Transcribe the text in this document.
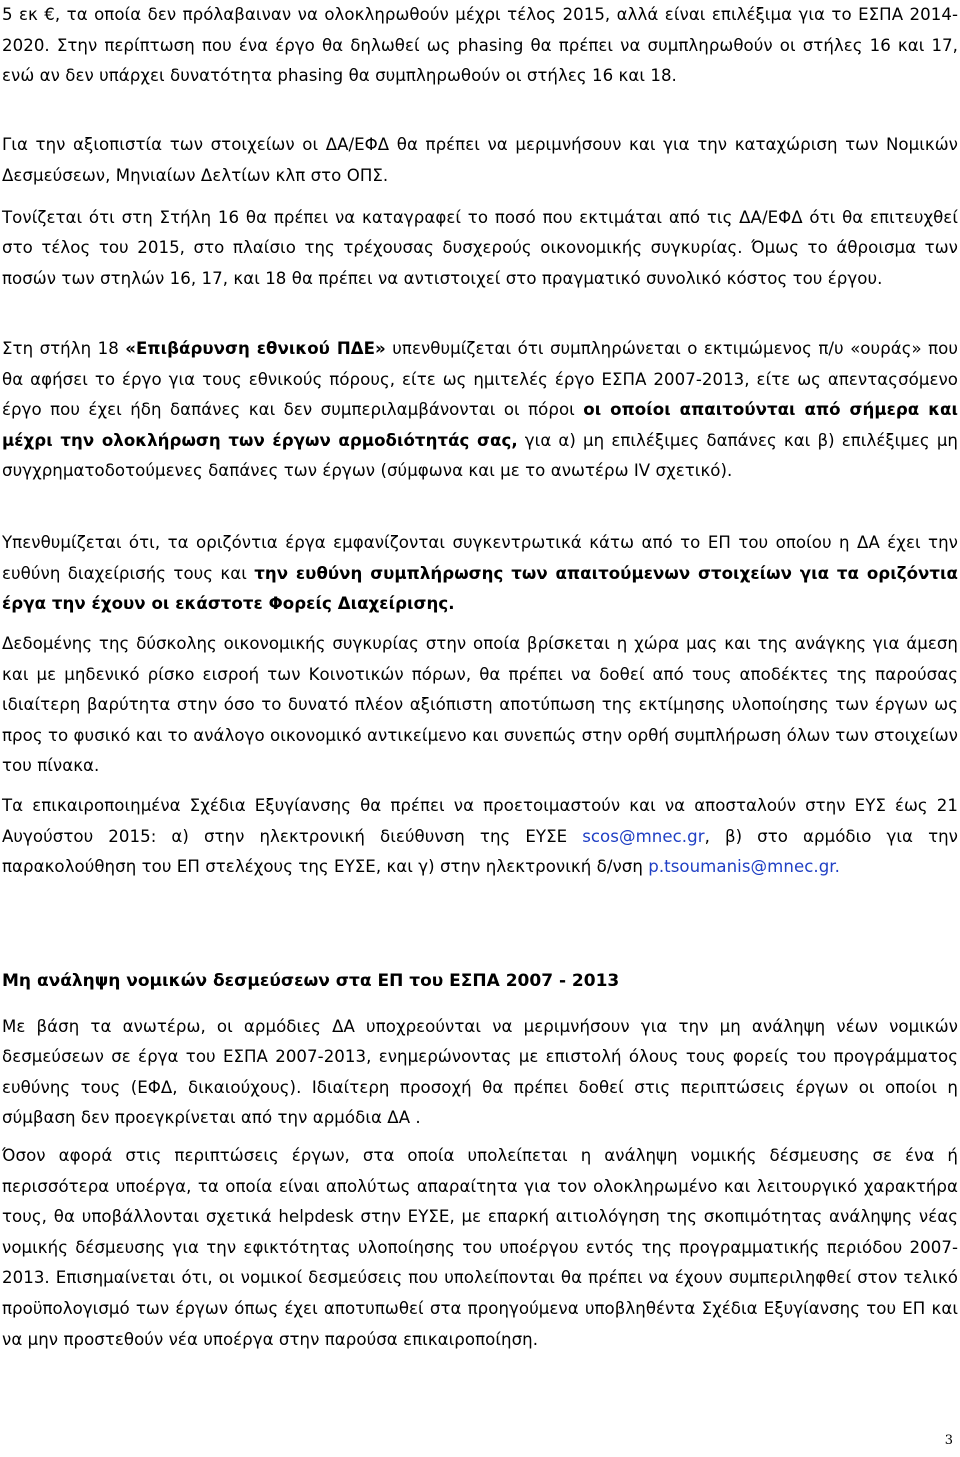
5 εκ €, τα οποία δεν πρόλαβαιναν να ολοκληρωθούν μέχρι τέλος 2015, αλλά είναι επιλέξιμα για το ΕΣΠΑ 2014-2020. Στην περίπτωση που ένα έργο θα δηλωθεί ως phasing θα πρέπει να συμπληρωθούν οι στήλες 16 και 17, ενώ αν δεν υπάρχει δυνατότητα phasing θα συμπληρωθούν οι στήλες 16 και 18.

Για την αξιοπιστία των στοιχείων οι ΔΑ/ΕΦΔ θα πρέπει να μεριμνήσουν και για την καταχώριση των Νομικών Δεσμεύσεων, Μηνιαίων Δελτίων κλπ στο ΟΠΣ.

Τονίζεται ότι στη Στήλη 16 θα πρέπει να καταγραφεί το ποσό που εκτιμάται από τις ΔΑ/ΕΦΔ ότι θα επιτευχθεί στο τέλος του 2015, στο πλαίσιο της τρέχουσας δυσχερούς οικονομικής συγκυρίας. Όμως το άθροισμα των ποσών των στηλών 16, 17, και 18 θα πρέπει να αντιστοιχεί στο πραγματικό συνολικό κόστος του έργου.

Στη στήλη 18 «Επιβάρυνση εθνικού ΠΔΕ» υπενθυμίζεται ότι συμπληρώνεται ο εκτιμώμενος π/υ «ουράς» που θα αφήσει το έργο για τους εθνικούς πόρους, είτε ως ημιτελές έργο ΕΣΠΑ 2007-2013, είτε ως απενταςσόμενο έργο που έχει ήδη δαπάνες και δεν συμπεριλαμβάνονται οι πόροι οι οποίοι απαιτούνται από σήμερα και μέχρι την ολοκλήρωση των έργων αρμοδιότητάς σας, για α) μη επιλέξιμες δαπάνες και β) επιλέξιμες μη συγχρηματοδοτούμενες δαπάνες των έργων (σύμφωνα και με το ανωτέρω IV σχετικό).

Υπενθυμίζεται ότι, τα οριζόντια έργα εμφανίζονται συγκεντρωτικά κάτω από το ΕΠ του οποίου η ΔΑ έχει την ευθύνη διαχείρισής τους και την ευθύνη συμπλήρωσης των απαιτούμενων στοιχείων για τα οριζόντια έργα την έχουν οι εκάστοτε Φορείς Διαχείρισης.

Δεδομένης της δύσκολης οικονομικής συγκυρίας στην οποία βρίσκεται η χώρα μας και της ανάγκης για άμεση και με μηδενικό ρίσκο εισροή των Κοινοτικών πόρων, θα πρέπει να δοθεί από τους αποδέκτες της παρούσας ιδιαίτερη βαρύτητα στην όσο το δυνατό πλέον αξιόπιστη αποτύπωση της εκτίμησης υλοποίησης των έργων ως προς το φυσικό και το ανάλογο οικονομικό αντικείμενο και συνεπώς στην ορθή συμπλήρωση όλων των στοιχείων του πίνακα.

Τα επικαιροποιημένα Σχέδια Εξυγίανσης θα πρέπει να προετοιμαστούν και να αποσταλούν στην ΕΥΣ έως 21 Αυγούστου 2015: α) στην ηλεκτρονική διεύθυνση της ΕΥΣΕ scos@mnec.gr, β) στο αρμόδιο για την παρακολούθηση του ΕΠ στελέχους της ΕΥΣΕ, και γ) στην ηλεκτρονική δ/νση p.tsoumanis@mnec.gr.

Μη ανάληψη νομικών δεσμεύσεων στα ΕΠ του ΕΣΠΑ 2007 - 2013

Με βάση τα ανωτέρω, οι αρμόδιες ΔΑ υποχρεούνται να μεριμνήσουν για την μη ανάληψη νέων νομικών δεσμεύσεων σε έργα του ΕΣΠΑ 2007-2013, ενημερώνοντας με επιστολή όλους τους φορείς του προγράμματος ευθύνης τους (ΕΦΔ, δικαιούχους). Ιδιαίτερη προσοχή θα πρέπει δοθεί στις περιπτώσεις έργων οι οποίοι η σύμβαση δεν προεγκρίνεται από την αρμόδια ΔΑ .

Όσον αφορά στις περιπτώσεις έργων, στα οποία υπολείπεται η ανάληψη νομικής δέσμευσης σε ένα ή περισσότερα υποέργα, τα οποία είναι απολύτως απαραίτητα για τον ολοκληρωμένο και λειτουργικό χαρακτήρα τους, θα υποβάλλονται σχετικά helpdesk στην ΕΥΣΕ, με επαρκή αιτιολόγηση της σκοπιμότητας ανάληψης νέας νομικής δέσμευσης για την εφικτότητας υλοποίησης του υποέργου εντός της προγραμματικής περιόδου 2007-2013. Επισημαίνεται ότι, οι νομικοί δεσμεύσεις που υπολείπονται θα πρέπει να έχουν συμπεριληφθεί στον τελικό προϋπολογισμό των έργων όπως έχει αποτυπωθεί στα προηγούμενα υποβληθέντα Σχέδια Εξυγίανσης του ΕΠ και να μην προστεθούν νέα υποέργα στην παρούσα επικαιροποίηση.

3
